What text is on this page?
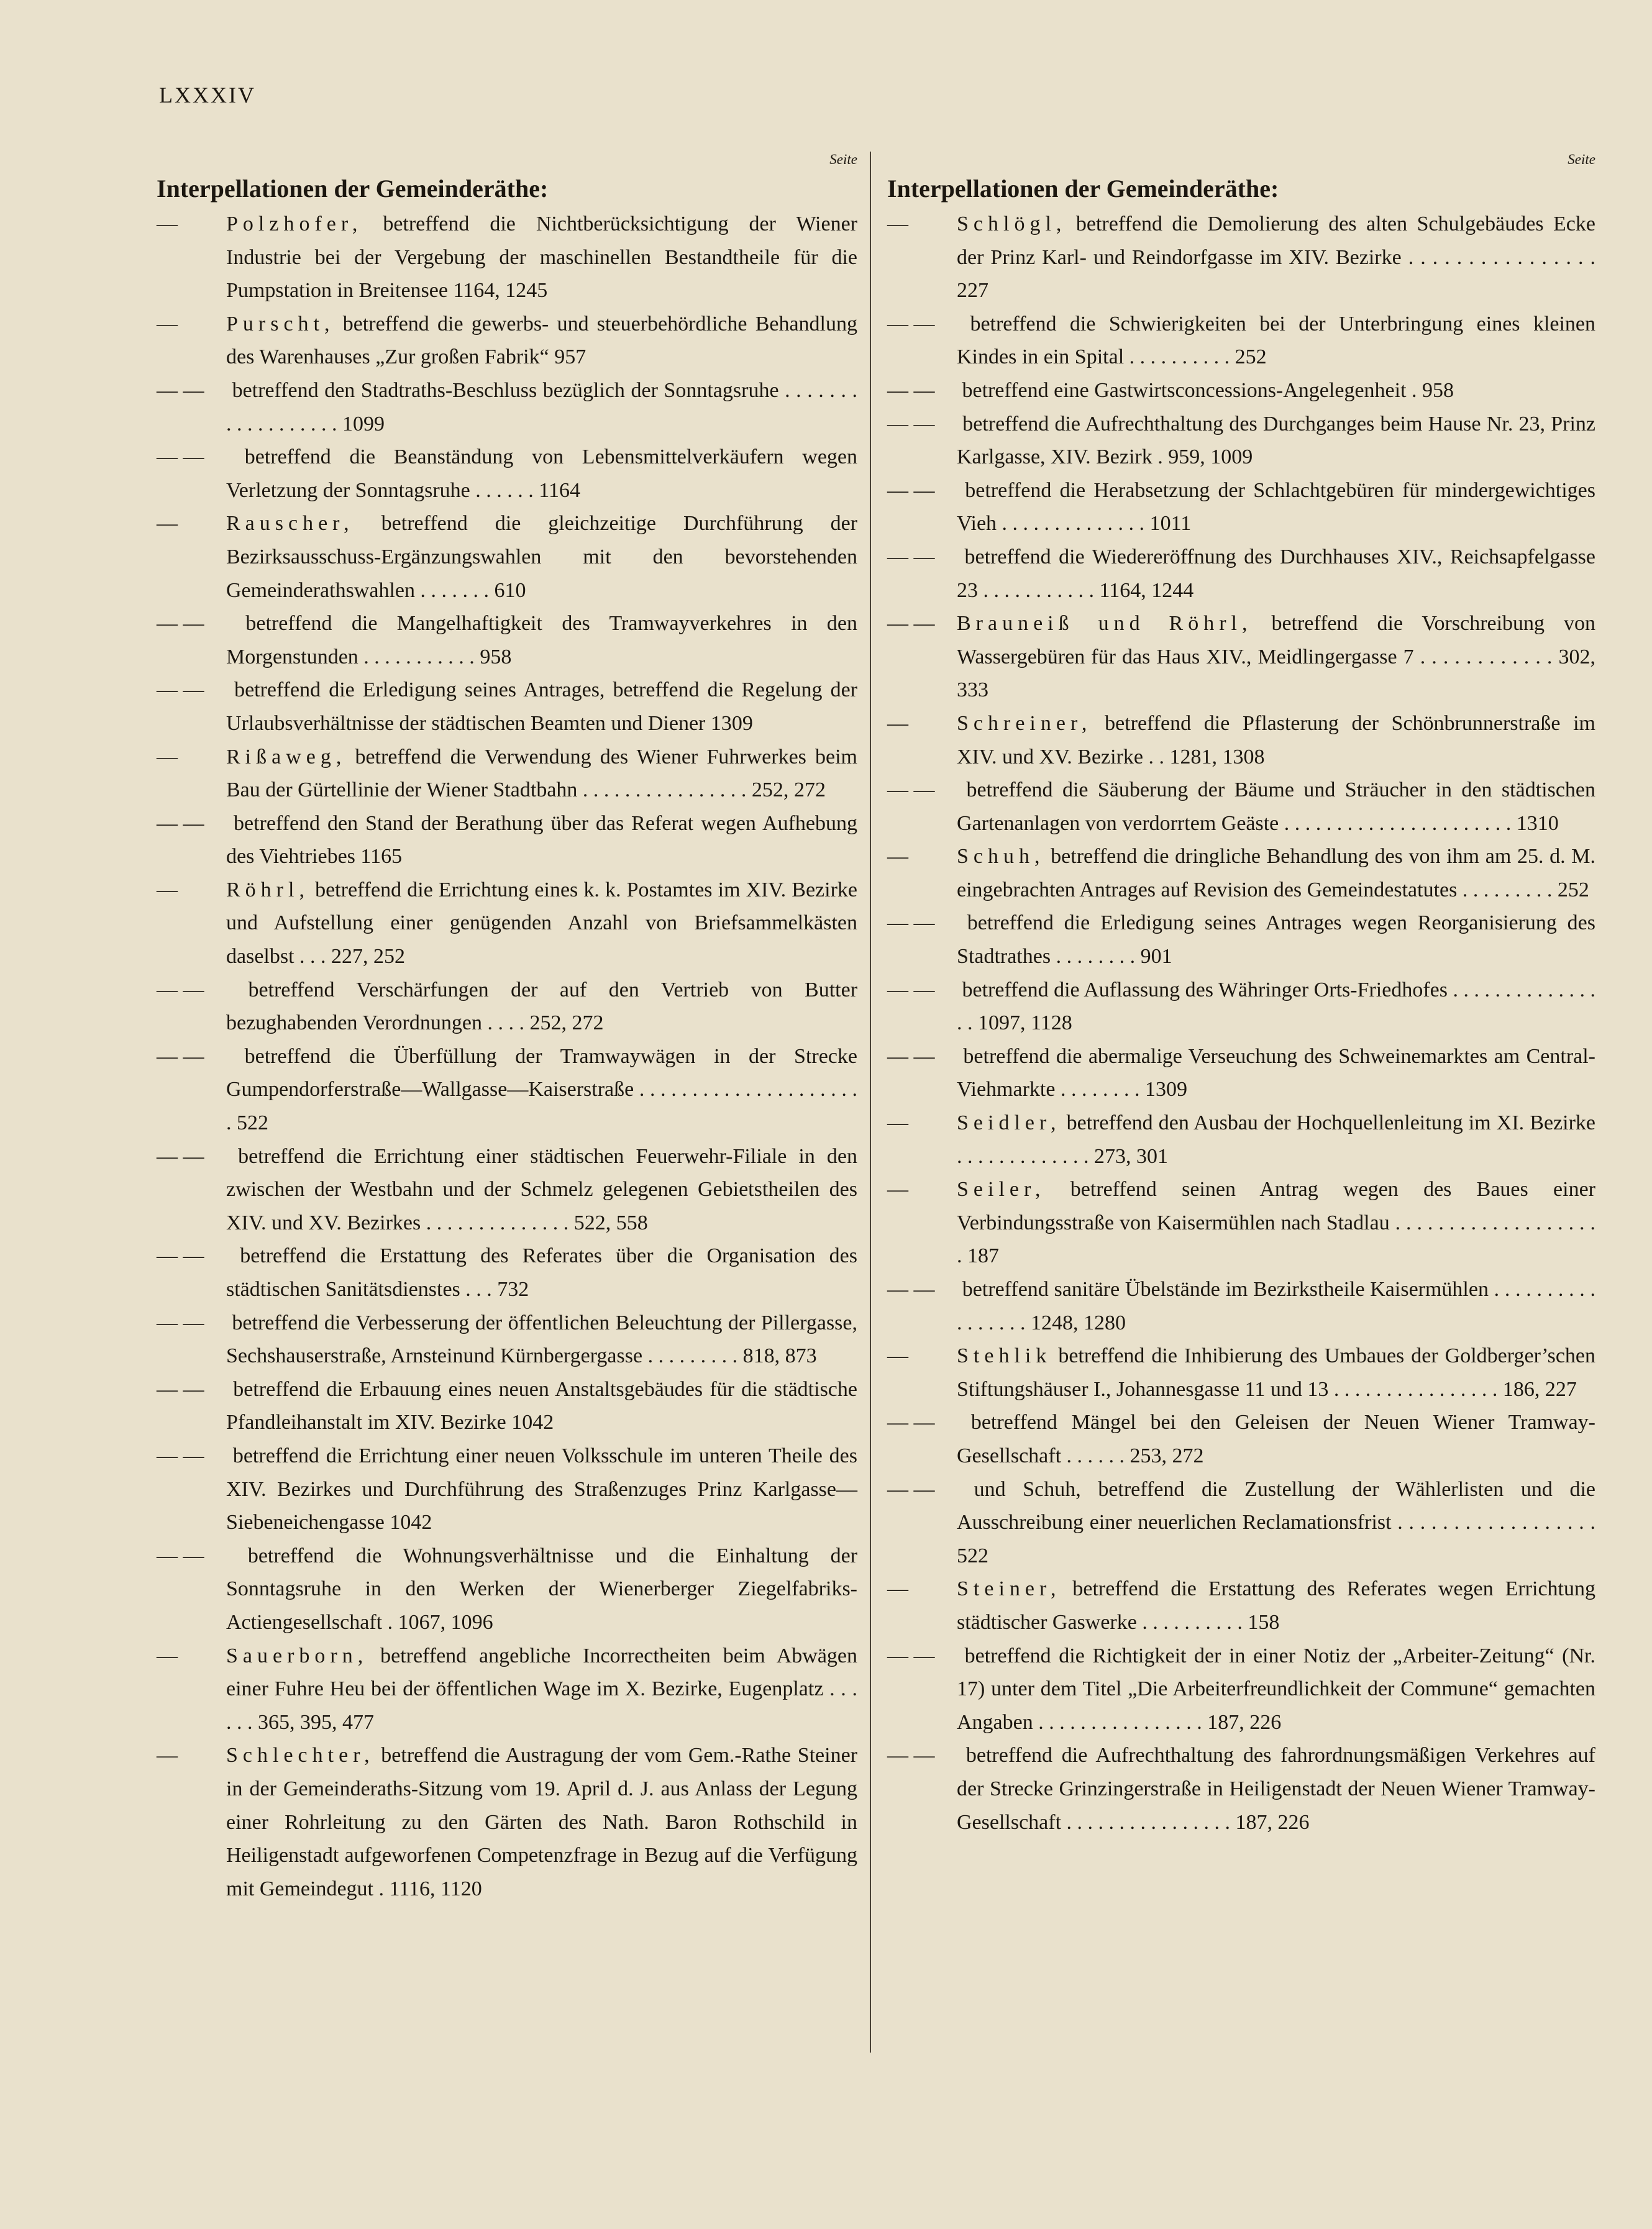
LXXXIV
Seite
Interpellationen der Gemeinderäthe:
— Polzhofer, betreffend die Nichtberücksichtigung der Wiener Industrie bei der Vergebung der maschinellen Bestandtheile für die Pumpstation in Breitensee 1164, 1245
— Purscht, betreffend die gewerbs- und steuerbehördliche Behandlung des Warenhauses „Zur großen Fabrik“ 957
— — betreffend den Stadtraths-Beschluss bezüglich der Sonntagsruhe . . . . . . . . . . . . . . . . . . 1099
— — betreffend die Beanständung von Lebensmittelverkäufern wegen Verletzung der Sonntagsruhe . . . . . . 1164
— Rauscher, betreffend die gleichzeitige Durchführung der Bezirksausschuss-Ergänzungswahlen mit den bevorstehenden Gemeinderathswahlen . . . . . . . 610
— — betreffend die Mangelhaftigkeit des Tramwayverkehres in den Morgenstunden . . . . . . . . . . . 958
— — betreffend die Erledigung seines Antrages, betreffend die Regelung der Urlaubsverhältnisse der städtischen Beamten und Diener 1309
— Rißaweg, betreffend die Verwendung des Wiener Fuhrwerkes beim Bau der Gürtellinie der Wiener Stadtbahn . . . . . . . . . . . . . . . . 252, 272
— — betreffend den Stand der Berathung über das Referat wegen Aufhebung des Viehtriebes 1165
— Röhrl, betreffend die Errichtung eines k. k. Postamtes im XIV. Bezirke und Aufstellung einer genügenden Anzahl von Briefsammelkästen daselbst . . . 227, 252
— — betreffend Verschärfungen der auf den Vertrieb von Butter bezughabenden Verordnungen . . . . 252, 272
— — betreffend die Überfüllung der Tramwaywägen in der Strecke Gumpendorferstraße—Wallgasse—Kaiserstraße . . . . . . . . . . . . . . . . . . . . . . 522
— — betreffend die Errichtung einer städtischen Feuerwehr-Filiale in den zwischen der Westbahn und der Schmelz gelegenen Gebietstheilen des XIV. und XV. Bezirkes . . . . . . . . . . . . . . 522, 558
— — betreffend die Erstattung des Referates über die Organisation des städtischen Sanitätsdienstes . . . 732
— — betreffend die Verbesserung der öffentlichen Beleuchtung der Pillergasse, Sechshauserstraße, Arnsteinund Kürnbergergasse . . . . . . . . . 818, 873
— — betreffend die Erbauung eines neuen Anstaltsgebäudes für die städtische Pfandleihanstalt im XIV. Bezirke 1042
— — betreffend die Errichtung einer neuen Volksschule im unteren Theile des XIV. Bezirkes und Durchführung des Straßenzuges Prinz Karlgasse—Siebeneichengasse 1042
— — betreffend die Wohnungsverhältnisse und die Einhaltung der Sonntagsruhe in den Werken der Wienerberger Ziegelfabriks-Actiengesellschaft . 1067, 1096
— Sauerborn, betreffend angebliche Incorrectheiten beim Abwägen einer Fuhre Heu bei der öffentlichen Wage im X. Bezirke, Eugenplatz . . . . . . 365, 395, 477
— Schlechter, betreffend die Austragung der vom Gem.-Rathe Steiner in der Gemeinderaths-Sitzung vom 19. April d. J. aus Anlass der Legung einer Rohrleitung zu den Gärten des Nath. Baron Rothschild in Heiligenstadt aufgeworfenen Competenzfrage in Bezug auf die Verfügung mit Gemeindegut . 1116, 1120
Seite
Interpellationen der Gemeinderäthe:
— Schlögl, betreffend die Demolierung des alten Schulgebäudes Ecke der Prinz Karl- und Reindorfgasse im XIV. Bezirke . . . . . . . . . . . . . . . . 227
— — betreffend die Schwierigkeiten bei der Unterbringung eines kleinen Kindes in ein Spital . . . . . . . . . . 252
— — betreffend eine Gastwirtsconcessions-Angelegenheit . 958
— — betreffend die Aufrechthaltung des Durchganges beim Hause Nr. 23, Prinz Karlgasse, XIV. Bezirk . 959, 1009
— — betreffend die Herabsetzung der Schlachtgebüren für mindergewichtiges Vieh . . . . . . . . . . . . . . 1011
— — betreffend die Wiedereröffnung des Durchhauses XIV., Reichsapfelgasse 23 . . . . . . . . . . . 1164, 1244
— — Brauneiß und Röhrl, betreffend die Vorschreibung von Wassergebüren für das Haus XIV., Meidlingergasse 7 . . . . . . . . . . . . 302, 333
— Schreiner, betreffend die Pflasterung der Schönbrunnerstraße im XIV. und XV. Bezirke . . 1281, 1308
— — betreffend die Säuberung der Bäume und Sträucher in den städtischen Gartenanlagen von verdorrtem Geäste . . . . . . . . . . . . . . . . . . . . . . 1310
— Schuh, betreffend die dringliche Behandlung des von ihm am 25. d. M. eingebrachten Antrages auf Revision des Gemeindestatutes . . . . . . . . . 252
— — betreffend die Erledigung seines Antrages wegen Reorganisierung des Stadtrathes . . . . . . . . 901
— — betreffend die Auflassung des Währinger Orts-Friedhofes . . . . . . . . . . . . . . . . 1097, 1128
— — betreffend die abermalige Verseuchung des Schweinemarktes am Central-Viehmarkte . . . . . . . . 1309
— Seidler, betreffend den Ausbau der Hochquellenleitung im XI. Bezirke . . . . . . . . . . . . . 273, 301
— Seiler, betreffend seinen Antrag wegen des Baues einer Verbindungsstraße von Kaisermühlen nach Stadlau . . . . . . . . . . . . . . . . . . . . 187
— — betreffend sanitäre Übelstände im Bezirkstheile Kaisermühlen . . . . . . . . . . . . . . . . . 1248, 1280
— Stehlik betreffend die Inhibierung des Umbaues der Goldberger’schen Stiftungshäuser I., Johannesgasse 11 und 13 . . . . . . . . . . . . . . . . 186, 227
— — betreffend Mängel bei den Geleisen der Neuen Wiener Tramway-Gesellschaft . . . . . . 253, 272
— — und Schuh, betreffend die Zustellung der Wählerlisten und die Ausschreibung einer neuerlichen Reclamationsfrist . . . . . . . . . . . . . . . . . . 522
— Steiner, betreffend die Erstattung des Referates wegen Errichtung städtischer Gaswerke . . . . . . . . . . 158
— — betreffend die Richtigkeit der in einer Notiz der „Arbeiter-Zeitung“ (Nr. 17) unter dem Titel „Die Arbeiterfreundlichkeit der Commune“ gemachten Angaben . . . . . . . . . . . . . . . . 187, 226
— — betreffend die Aufrechthaltung des fahrordnungsmäßigen Verkehres auf der Strecke Grinzingerstraße in Heiligenstadt der Neuen Wiener Tramway-Gesellschaft . . . . . . . . . . . . . . . . 187, 226
